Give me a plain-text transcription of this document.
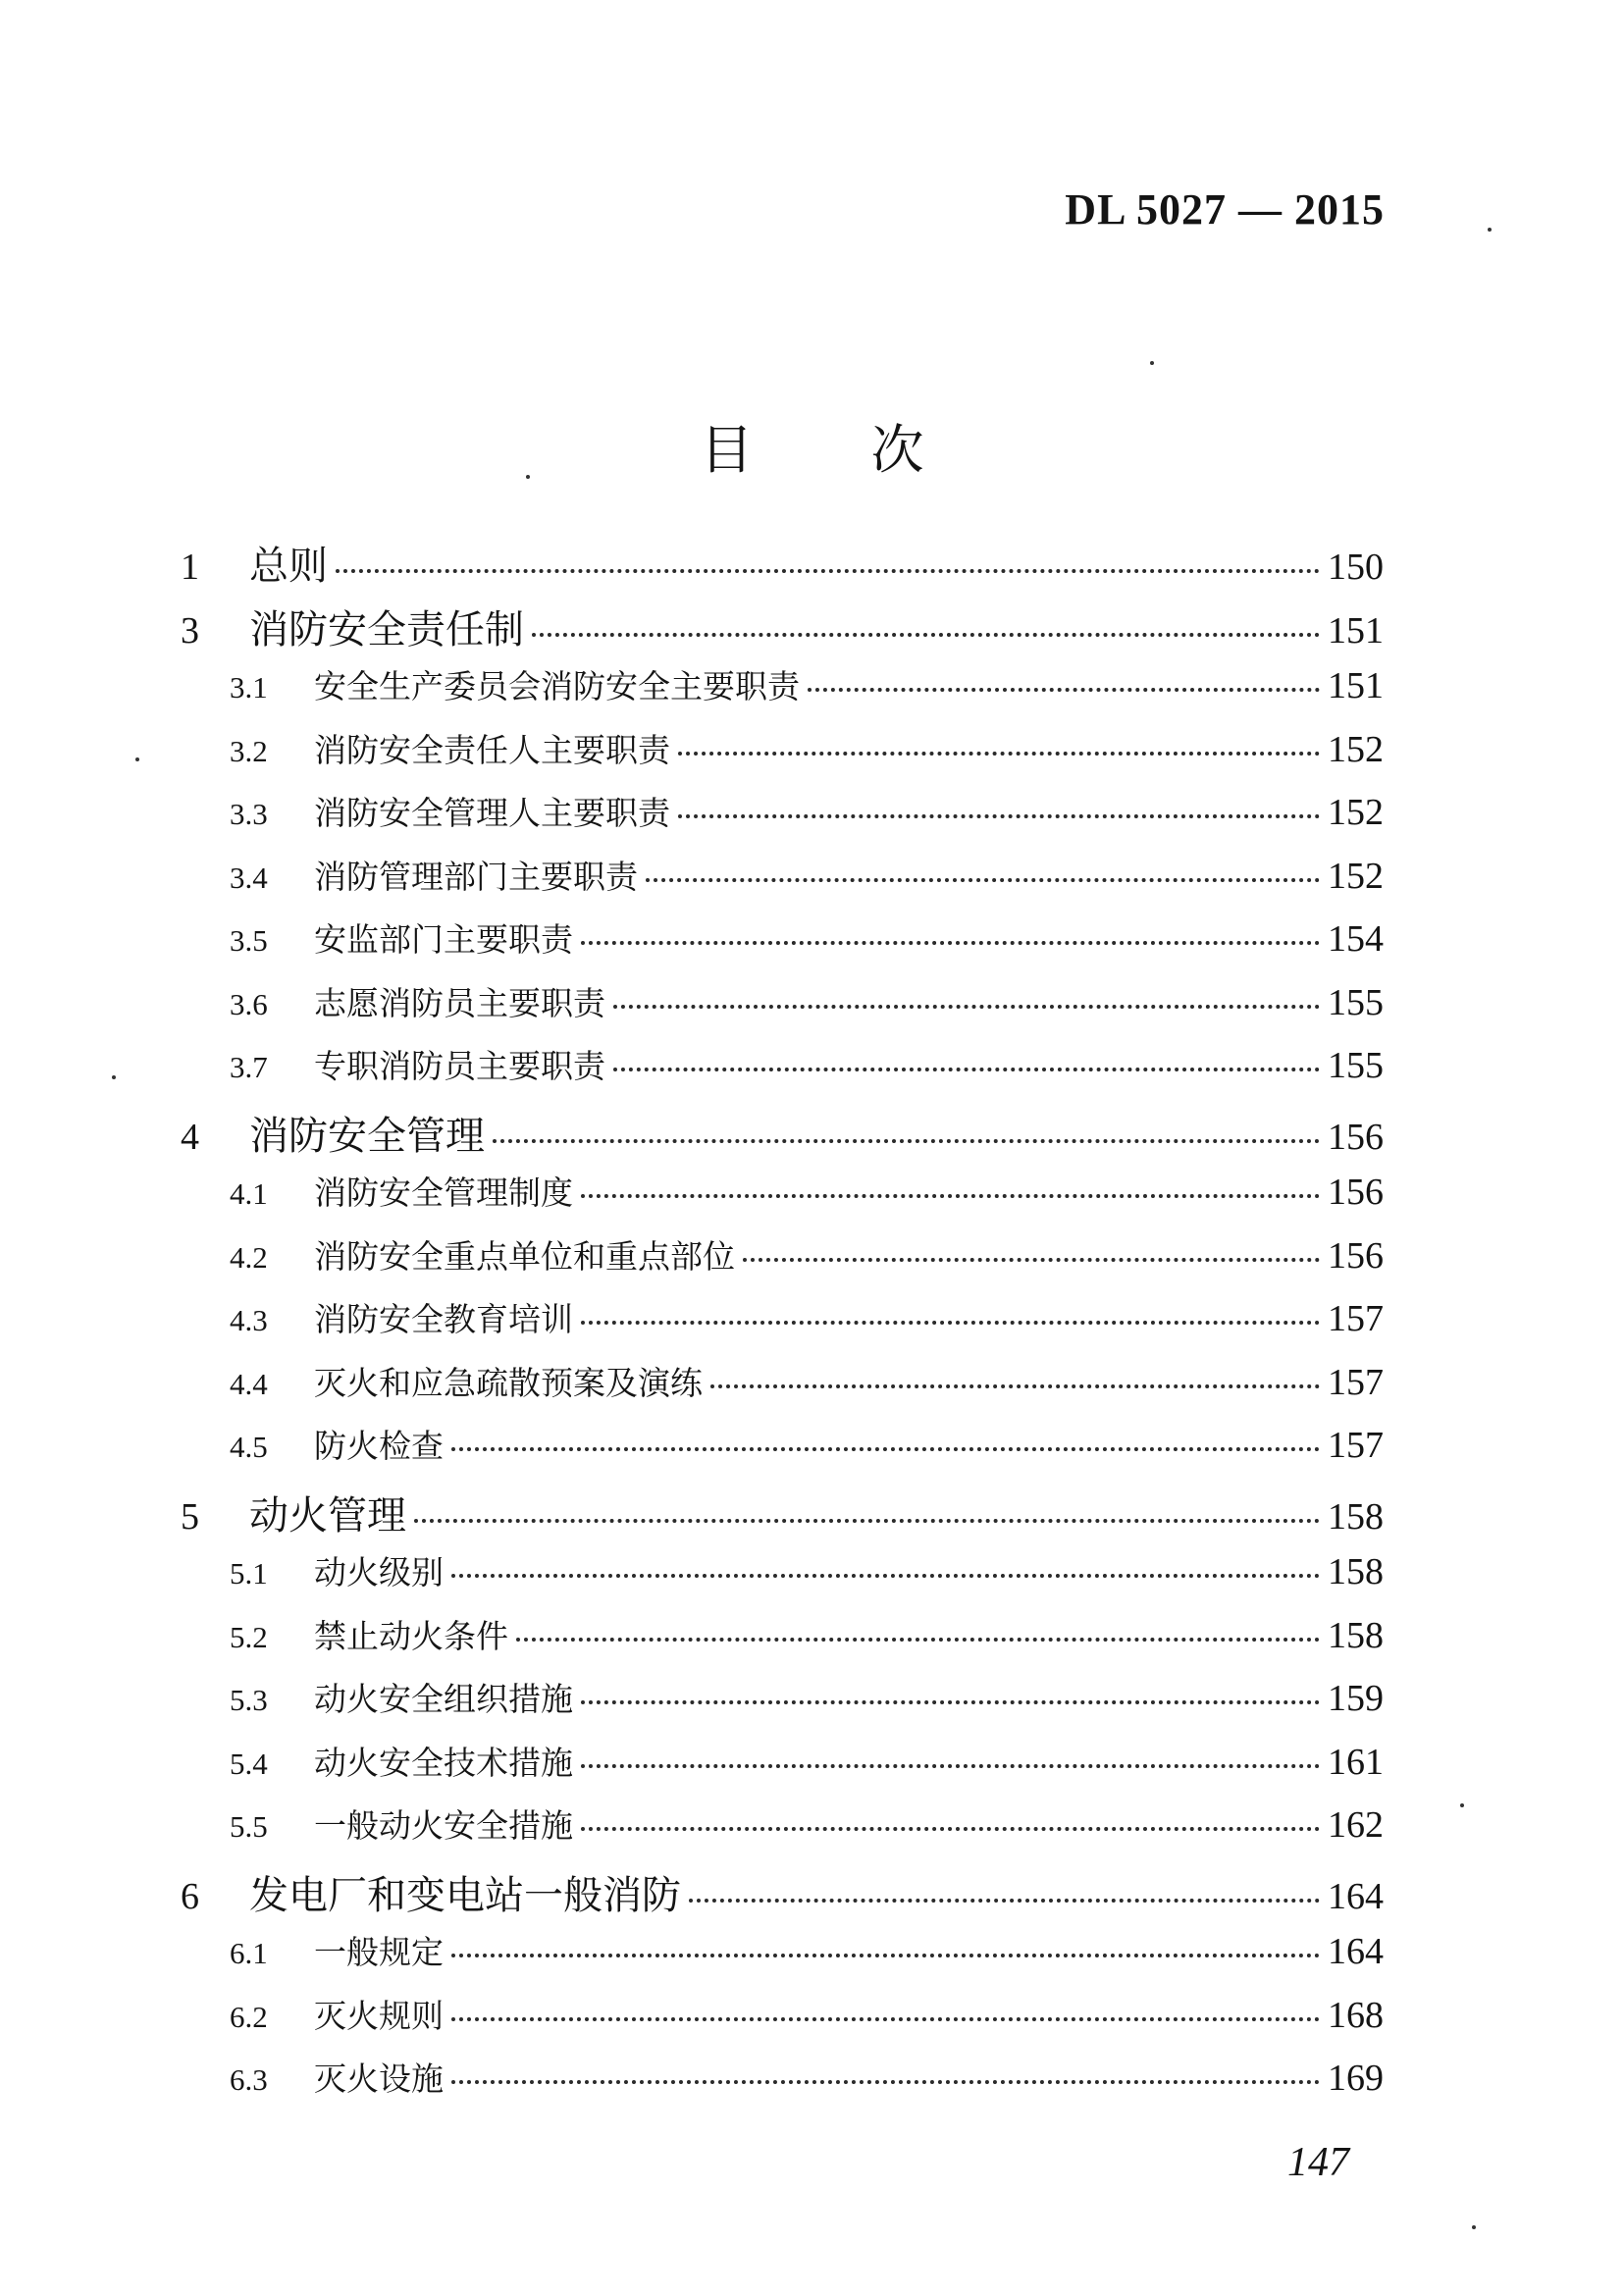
DL 5027 — 2015
目次
1	总则	150
3	消防安全责任制	151
3.1	安全生产委员会消防安全主要职责	151
3.2	消防安全责任人主要职责	152
3.3	消防安全管理人主要职责	152
3.4	消防管理部门主要职责	152
3.5	安监部门主要职责	154
3.6	志愿消防员主要职责	155
3.7	专职消防员主要职责	155
4	消防安全管理	156
4.1	消防安全管理制度	156
4.2	消防安全重点单位和重点部位	156
4.3	消防安全教育培训	157
4.4	灭火和应急疏散预案及演练	157
4.5	防火检查	157
5	动火管理	158
5.1	动火级别	158
5.2	禁止动火条件	158
5.3	动火安全组织措施	159
5.4	动火安全技术措施	161
5.5	一般动火安全措施	162
6	发电厂和变电站一般消防	164
6.1	一般规定	164
6.2	灭火规则	168
6.3	灭火设施	169
147
